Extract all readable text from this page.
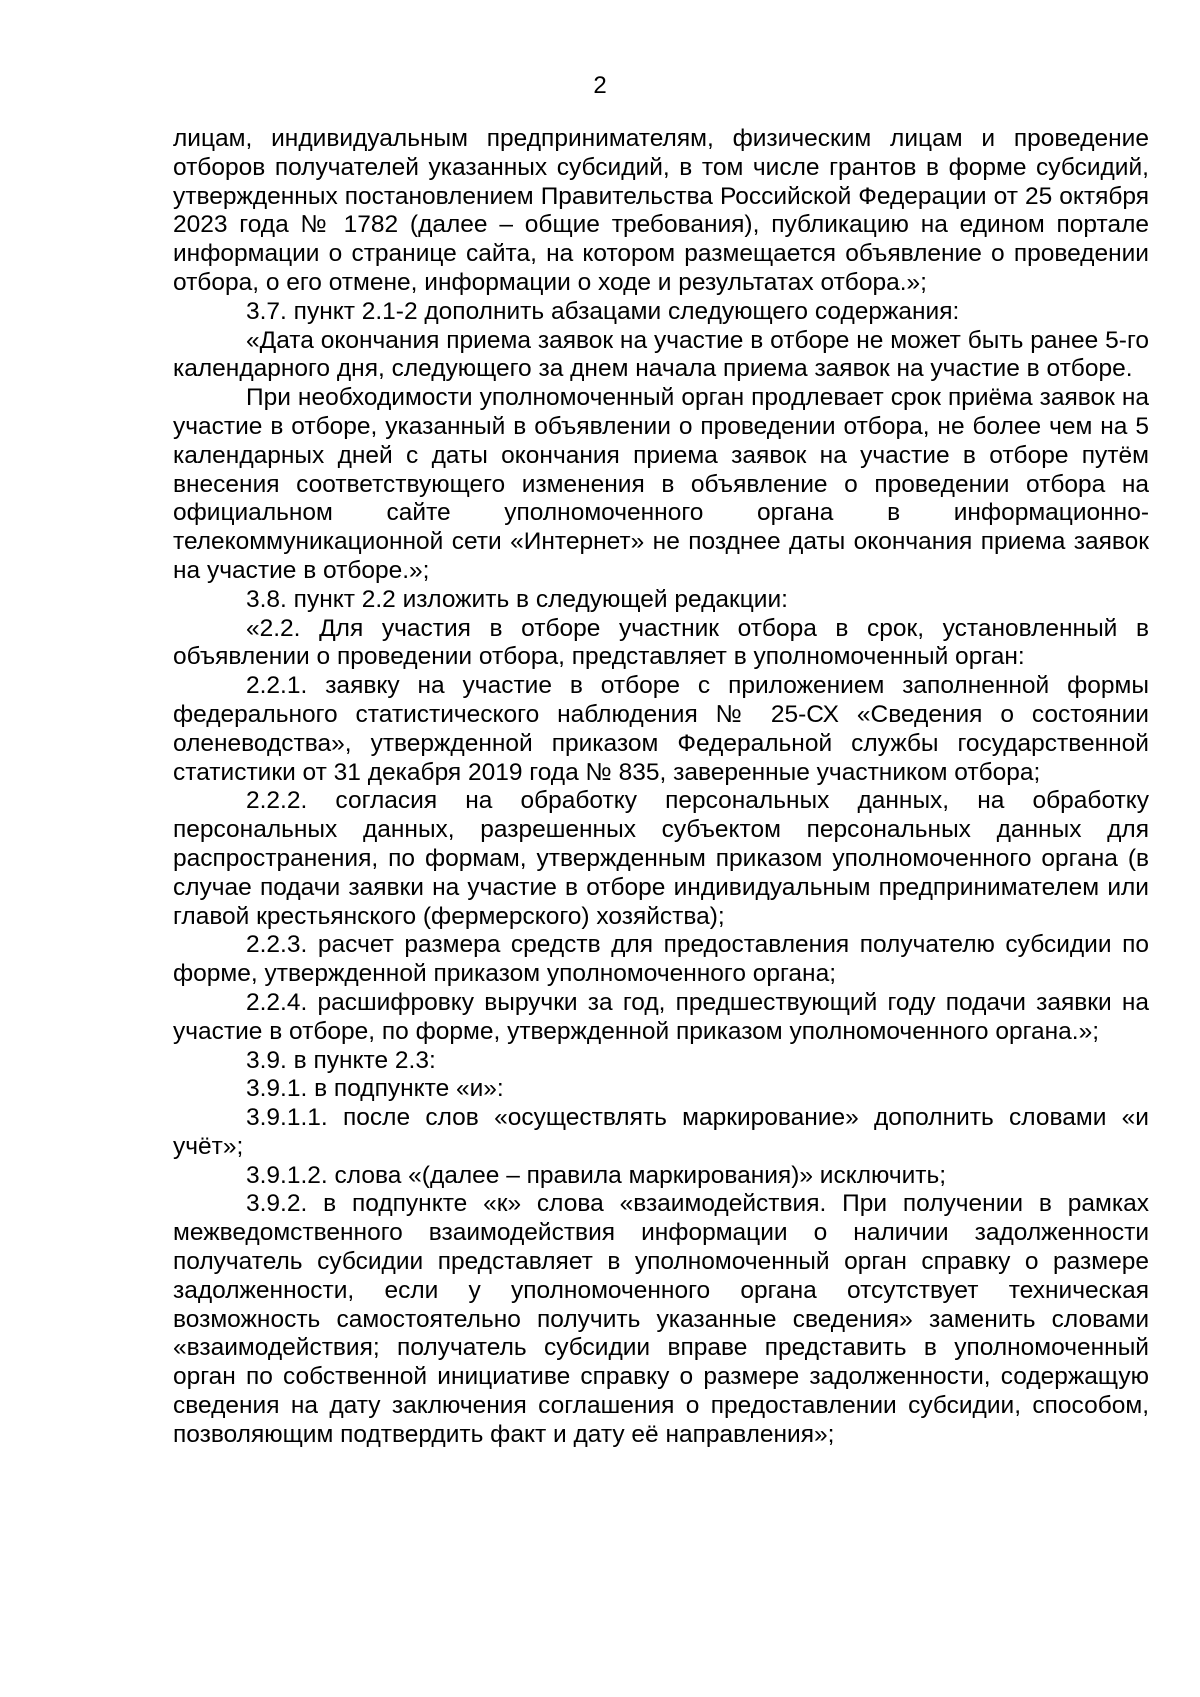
2

лицам, индивидуальным предпринимателям, физическим лицам и проведение отборов получателей указанных субсидий, в том числе грантов в форме субсидий, утвержденных постановлением Правительства Российской Федерации от 25 октября 2023 года № 1782 (далее – общие требования), публикацию на едином портале информации о странице сайта, на котором размещается объявление о проведении отбора, о его отмене, информации о ходе и результатах отбора.»;

3.7. пункт 2.1-2 дополнить абзацами следующего содержания:

«Дата окончания приема заявок на участие в отборе не может быть ранее 5-го календарного дня, следующего за днем начала приема заявок на участие в отборе.

При необходимости уполномоченный орган продлевает срок приёма заявок на участие в отборе, указанный в объявлении о проведении отбора, не более чем на 5 календарных дней с даты окончания приема заявок на участие в отборе путём внесения соответствующего изменения в объявление о проведении отбора на официальном сайте уполномоченного органа в информационно-телекоммуникационной сети «Интернет» не позднее даты окончания приема заявок на участие в отборе.»;

3.8. пункт 2.2 изложить в следующей редакции:

«2.2. Для участия в отборе участник отбора в срок, установленный в объявлении о проведении отбора, представляет в уполномоченный орган:

2.2.1. заявку на участие в отборе с приложением заполненной формы федерального статистического наблюдения № 25-СХ «Сведения о состоянии оленеводства», утвержденной приказом Федеральной службы государственной статистики от 31 декабря 2019 года № 835, заверенные участником отбора;

2.2.2. согласия на обработку персональных данных, на обработку персональных данных, разрешенных субъектом персональных данных для распространения, по формам, утвержденным приказом уполномоченного органа (в случае подачи заявки на участие в отборе индивидуальным предпринимателем или главой крестьянского (фермерского) хозяйства);

2.2.3. расчет размера средств для предоставления получателю субсидии по форме, утвержденной приказом уполномоченного органа;

2.2.4. расшифровку выручки за год, предшествующий году подачи заявки на участие в отборе, по форме, утвержденной приказом уполномоченного органа.»;

3.9. в пункте 2.3:

3.9.1. в подпункте «и»:

3.9.1.1. после слов «осуществлять маркирование» дополнить словами «и учёт»;

3.9.1.2. слова «(далее – правила маркирования)» исключить;

3.9.2. в подпункте «к» слова «взаимодействия. При получении в рамках межведомственного взаимодействия информации о наличии задолженности получатель субсидии представляет в уполномоченный орган справку о размере задолженности, если у уполномоченного органа отсутствует техническая возможность самостоятельно получить указанные сведения» заменить словами «взаимодействия; получатель субсидии вправе представить в уполномоченный орган по собственной инициативе справку о размере задолженности, содержащую сведения на дату заключения соглашения о предоставлении субсидии, способом, позволяющим подтвердить факт и дату её направления»;
